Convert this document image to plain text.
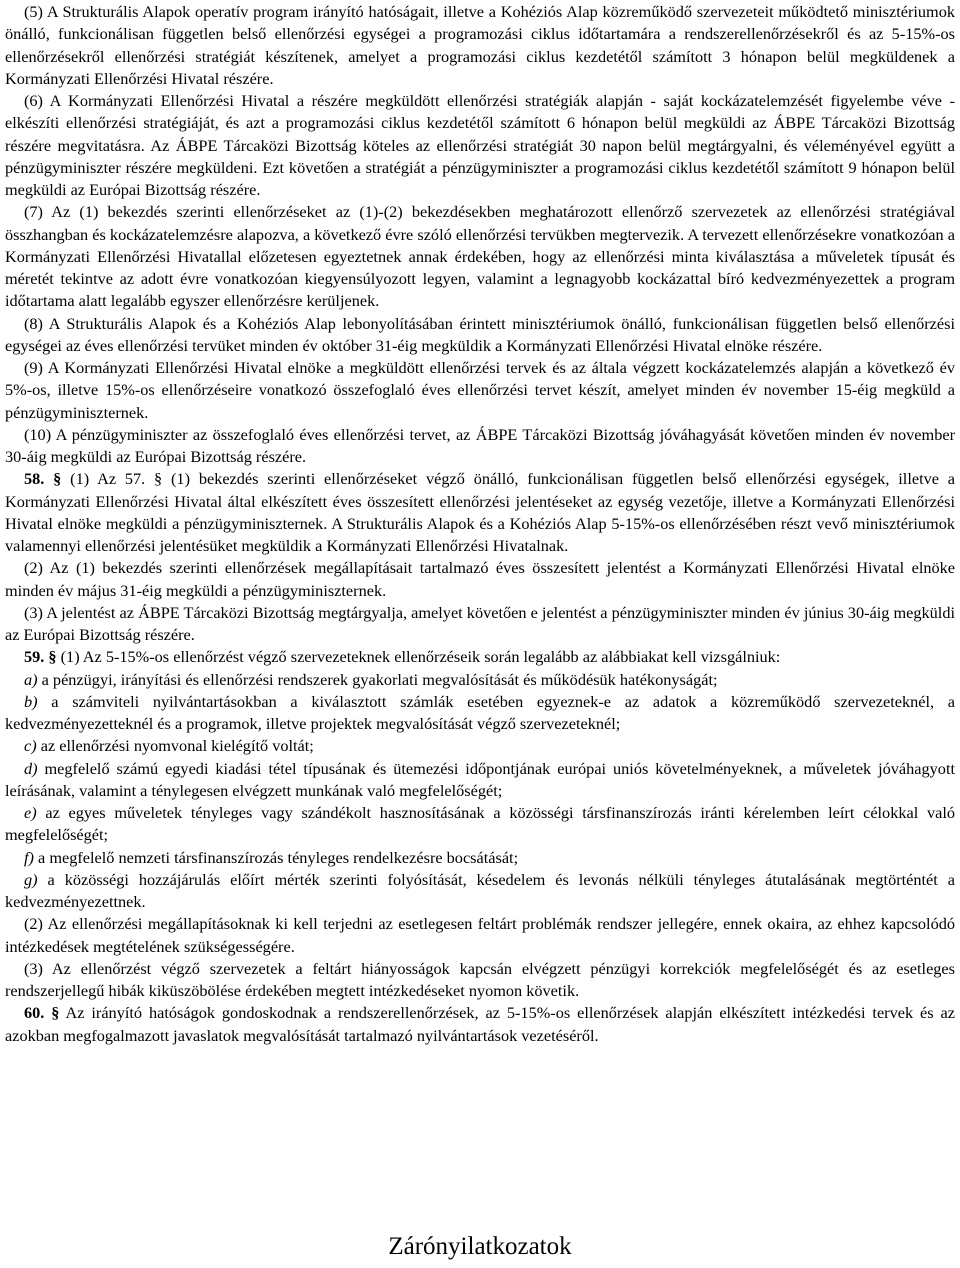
(5) A Strukturális Alapok operatív program irányító hatóságait, illetve a Kohéziós Alap közreműködő szervezeteit működtető minisztériumok önálló, funkcionálisan független belső ellenőrzési egységei a programozási ciklus időtartamára a rendszerellenőrzésekről és az 5-15%-os ellenőrzésekről ellenőrzési stratégiát készítenek, amelyet a programozási ciklus kezdetétől számított 3 hónapon belül megküldenek a Kormányzati Ellenőrzési Hivatal részére.

(6) A Kormányzati Ellenőrzési Hivatal a részére megküldött ellenőrzési stratégiák alapján - saját kockázatelemzését figyelembe véve - elkészíti ellenőrzési stratégiáját, és azt a programozási ciklus kezdetétől számított 6 hónapon belül megküldi az ÁBPE Tárcaközi Bizottság részére megvitatásra. Az ÁBPE Tárcaközi Bizottság köteles az ellenőrzési stratégiát 30 napon belül megtárgyalni, és véleményével együtt a pénzügyminiszter részére megküldeni. Ezt követően a stratégiát a pénzügyminiszter a programozási ciklus kezdetétől számított 9 hónapon belül megküldi az Európai Bizottság részére.

(7) Az (1) bekezdés szerinti ellenőrzéseket az (1)-(2) bekezdésekben meghatározott ellenőrző szervezetek az ellenőrzési stratégiával összhangban és kockázatelemzésre alapozva, a következő évre szóló ellenőrzési tervükben megtervezik. A tervezett ellenőrzésekre vonatkozóan a Kormányzati Ellenőrzési Hivatallal előzetesen egyeztetnek annak érdekében, hogy az ellenőrzési minta kiválasztása a műveletek típusát és méretét tekintve az adott évre vonatkozóan kiegyensúlyozott legyen, valamint a legnagyobb kockázattal bíró kedvezményezettek a program időtartama alatt legalább egyszer ellenőrzésre kerüljenek.

(8) A Strukturális Alapok és a Kohéziós Alap lebonyolításában érintett minisztériumok önálló, funkcionálisan független belső ellenőrzési egységei az éves ellenőrzési tervüket minden év október 31-éig megküldik a Kormányzati Ellenőrzési Hivatal elnöke részére.

(9) A Kormányzati Ellenőrzési Hivatal elnöke a megküldött ellenőrzési tervek és az általa végzett kockázatelemzés alapján a következő év 5%-os, illetve 15%-os ellenőrzéseire vonatkozó összefoglaló éves ellenőrzési tervet készít, amelyet minden év november 15-éig megküld a pénzügyminiszternek.

(10) A pénzügyminiszter az összefoglaló éves ellenőrzési tervet, az ÁBPE Tárcaközi Bizottság jóváhagyását követően minden év november 30-áig megküldi az Európai Bizottság részére.

58. § (1) Az 57. § (1) bekezdés szerinti ellenőrzéseket végző önálló, funkcionálisan független belső ellenőrzési egységek, illetve a Kormányzati Ellenőrzési Hivatal által elkészített éves összesített ellenőrzési jelentéseket az egység vezetője, illetve a Kormányzati Ellenőrzési Hivatal elnöke megküldi a pénzügyminiszternek. A Strukturális Alapok és a Kohéziós Alap 5-15%-os ellenőrzésében részt vevő minisztériumok valamennyi ellenőrzési jelentésüket megküldik a Kormányzati Ellenőrzési Hivatalnak.

(2) Az (1) bekezdés szerinti ellenőrzések megállapításait tartalmazó éves összesített jelentést a Kormányzati Ellenőrzési Hivatal elnöke minden év május 31-éig megküldi a pénzügyminiszternek.

(3) A jelentést az ÁBPE Tárcaközi Bizottság megtárgyalja, amelyet követően e jelentést a pénzügyminiszter minden év június 30-áig megküldi az Európai Bizottság részére.

59. § (1) Az 5-15%-os ellenőrzést végző szervezeteknek ellenőrzéseik során legalább az alábbiakat kell vizsgálniuk:

a) a pénzügyi, irányítási és ellenőrzési rendszerek gyakorlati megvalósítását és működésük hatékonyságát;

b) a számviteli nyilvántartásokban a kiválasztott számlák esetében egyeznek-e az adatok a közreműködő szervezeteknél, a kedvezményezetteknél és a programok, illetve projektek megvalósítását végző szervezeteknél;

c) az ellenőrzési nyomvonal kielégítő voltát;

d) megfelelő számú egyedi kiadási tétel típusának és ütemezési időpontjának európai uniós követelményeknek, a műveletek jóváhagyott leírásának, valamint a ténylegesen elvégzett munkának való megfelelőségét;

e) az egyes műveletek tényleges vagy szándékolt hasznosításának a közösségi társfinanszírozás iránti kérelemben leírt célokkal való megfelelőségét;

f) a megfelelő nemzeti társfinanszírozás tényleges rendelkezésre bocsátását;

g) a közösségi hozzájárulás előírt mérték szerinti folyósítását, késedelem és levonás nélküli tényleges átutalásának megtörténtét a kedvezményezettnek.

(2) Az ellenőrzési megállapításoknak ki kell terjedni az esetlegesen feltárt problémák rendszer jellegére, ennek okaira, az ehhez kapcsolódó intézkedések megtételének szükségességére.

(3) Az ellenőrzést végző szervezetek a feltárt hiányosságok kapcsán elvégzett pénzügyi korrekciók megfelelőségét és az esetleges rendszerjellegű hibák kiküszöbölése érdekében megtett intézkedéseket nyomon követik.

60. § Az irányító hatóságok gondoskodnak a rendszerellenőrzések, az 5-15%-os ellenőrzések alapján elkészített intézkedési tervek és az azokban megfogalmazott javaslatok megvalósítását tartalmazó nyilvántartások vezetéséről.

Zárónyilatkozatok
